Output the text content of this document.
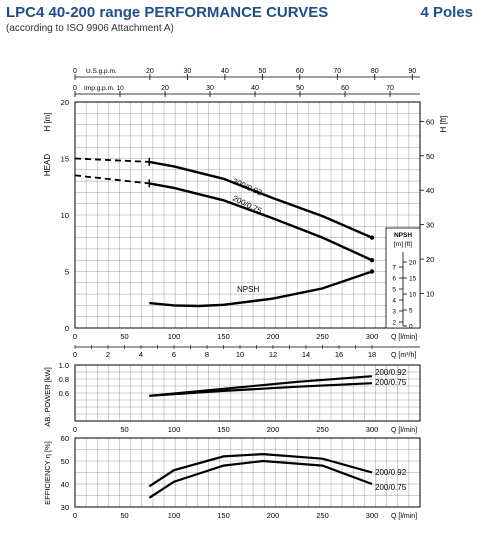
LPC4 40-200 range PERFORMANCE CURVES
(according to ISO 9906 Attachment A)
4 Poles
0	20	30	40	50	60	70	80	90
U.S.g.p.m.
0	20	30	40	50	60	70
Imp.g.p.m. 10
0
5
10
15
20
H [m]
HEAD
10
20
30
40
50
60 H [ft]
NPSH
[m] [ft]
2
3
4
5
6
7
0
5
10
15
20
200/0.92
200/0.75
NPSH
0	50	100	150	200	250	300 Q [l/min]
0	2	4	6	8	10	12	14	16	18 Q [m³/h]
0.6
0.8
1.0
AB. POWER [kW]	200/0.92
200/0.75
0	50	100	150	200	250	300 Q [l/min]
30
40
50
60
EFFICIENCY η [%]	200/0.92
200/0.75
0	50	100	150	200	250	300 Q [l/min]
